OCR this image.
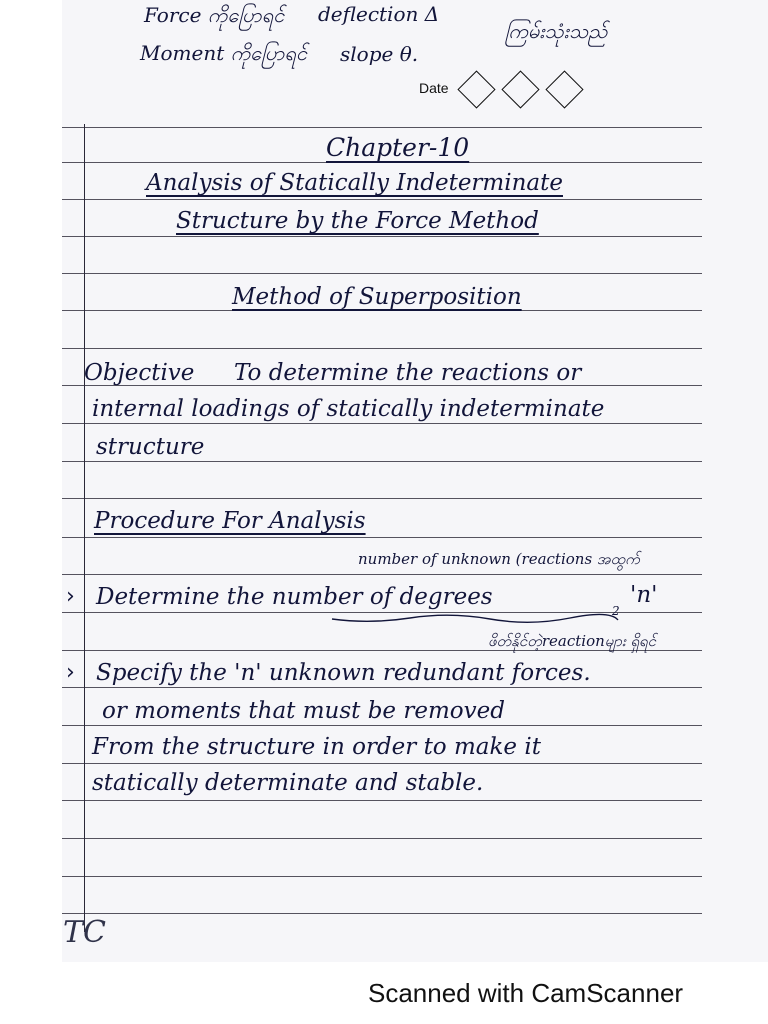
Force ကိုပြောရင် deflection Δ
ကြမ်းသုံးသည်
Moment ကိုပြောရင် slope θ.
Date
Chapter-10
Analysis of Statically Indeterminate
Structure by the Force Method
Method of Superposition
Objective To determine the reactions or
internal loadings of statically indeterminate
structure
Procedure For Analysis
number of unknown (reactions အထွက်
› Determine the number of degrees
2
'n'
ဖိတ်နိုင်တဲ့reactionများ ရှိရင်
› Specify the 'n' unknown redundant forces.
or moments that must be removed
From the structure in order to make it
statically determinate and stable.
TC
Scanned with CamScanner
